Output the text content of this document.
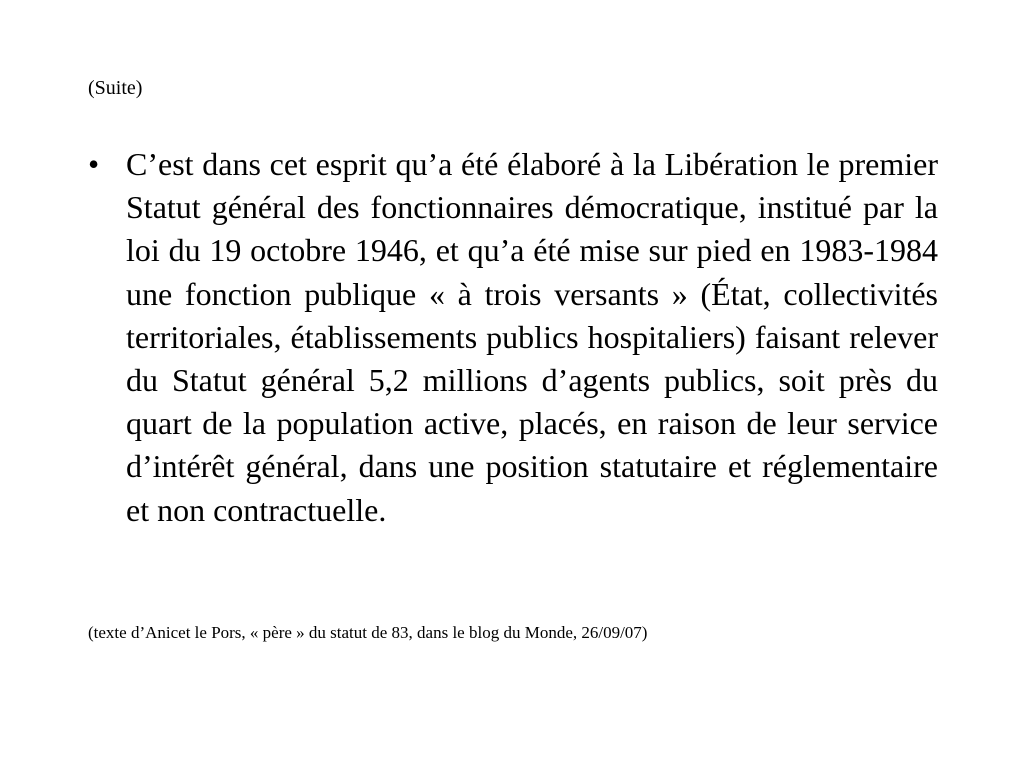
(Suite)

• C’est dans cet esprit qu’a été élaboré à la Libération le premier Statut général des fonctionnaires démocratique, institué par la loi du 19 octobre 1946, et qu’a été mise sur pied en 1983-1984 une fonction publique « à trois versants » (État, collectivités territoriales, établissements publics hospitaliers) faisant relever du Statut général 5,2 millions d’agents publics, soit près du quart de la population active, placés, en raison de leur service d’intérêt général, dans une position statutaire et réglementaire et non contractuelle.

(texte d’Anicet le Pors, « père » du statut de 83, dans le blog du Monde, 26/09/07)
